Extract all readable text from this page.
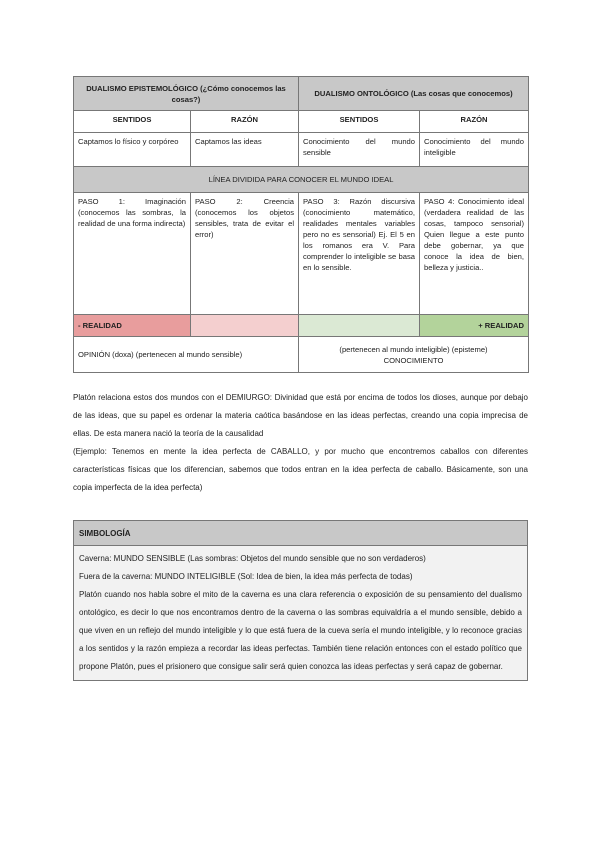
DUALISMO EPISTEMOLÓGICO (¿Cómo conocemos las cosas?)		DUALISMO ONTOLÓGICO (Las cosas que conocemos)	
SENTIDOS	RAZÓN	SENTIDOS	RAZÓN
Captamos lo físico y corpóreo	Captamos las ideas	Conocimiento del mundo sensible	Conocimiento del mundo inteligible
LÍNEA DIVIDIDA PARA CONOCER EL MUNDO IDEAL			
PASO 1: Imaginación (conocemos las sombras, la realidad de una forma indirecta)	PASO 2: Creencia (conocemos los objetos sensibles, trata de evitar el error)	PASO 3: Razón discursiva (conocimiento matemático, realidades mentales variables pero no es sensorial) Ej. El 5 en los romanos era V. Para comprender lo inteligible se basa en lo sensible.	PASO 4: Conocimiento ideal (verdadera realidad de las cosas, tampoco sensorial) Quien llegue a este punto debe gobernar, ya que conoce la idea de bien, belleza y justicia..
- REALIDAD			+ REALIDAD
OPINIÓN (doxa) (pertenecen al mundo sensible)		(pertenecen al mundo inteligible) (episteme)
CONOCIMIENTO	

Platón relaciona estos dos mundos con el DEMIURGO: Divinidad que está por encima de todos los dioses, aunque por debajo de las ideas, que su papel es ordenar la materia caótica basándose en las ideas perfectas, creando una copia imprecisa de ellas. De esta manera nació la teoría de la causalidad

(Ejemplo: Tenemos en mente la idea perfecta de CABALLO, y por mucho que encontremos caballos con diferentes características físicas que los diferencian, sabemos que todos entran en la idea perfecta de caballo. Básicamente, son una copia imperfecta de la idea perfecta)

SIMBOLOGÍA

Caverna: MUNDO SENSIBLE (Las sombras: Objetos del mundo sensible que no son verdaderos)

Fuera de la caverna: MUNDO INTELIGIBLE (Sol: Idea de bien, la idea más perfecta de todas)

Platón cuando nos habla sobre el mito de la caverna es una clara referencia o exposición de su pensamiento del dualismo ontológico, es decir lo que nos encontramos dentro de la caverna o las sombras equivaldría a el mundo sensible, debido a que viven en un reflejo del mundo inteligible y lo que está fuera de la cueva sería el mundo inteligible, y lo reconoce gracias a los sentidos y la razón empieza a recordar las ideas perfectas. También tiene relación entonces con el estado político que propone Platón, pues el prisionero que consigue salir será quien conozca las ideas perfectas y será capaz de gobernar.
